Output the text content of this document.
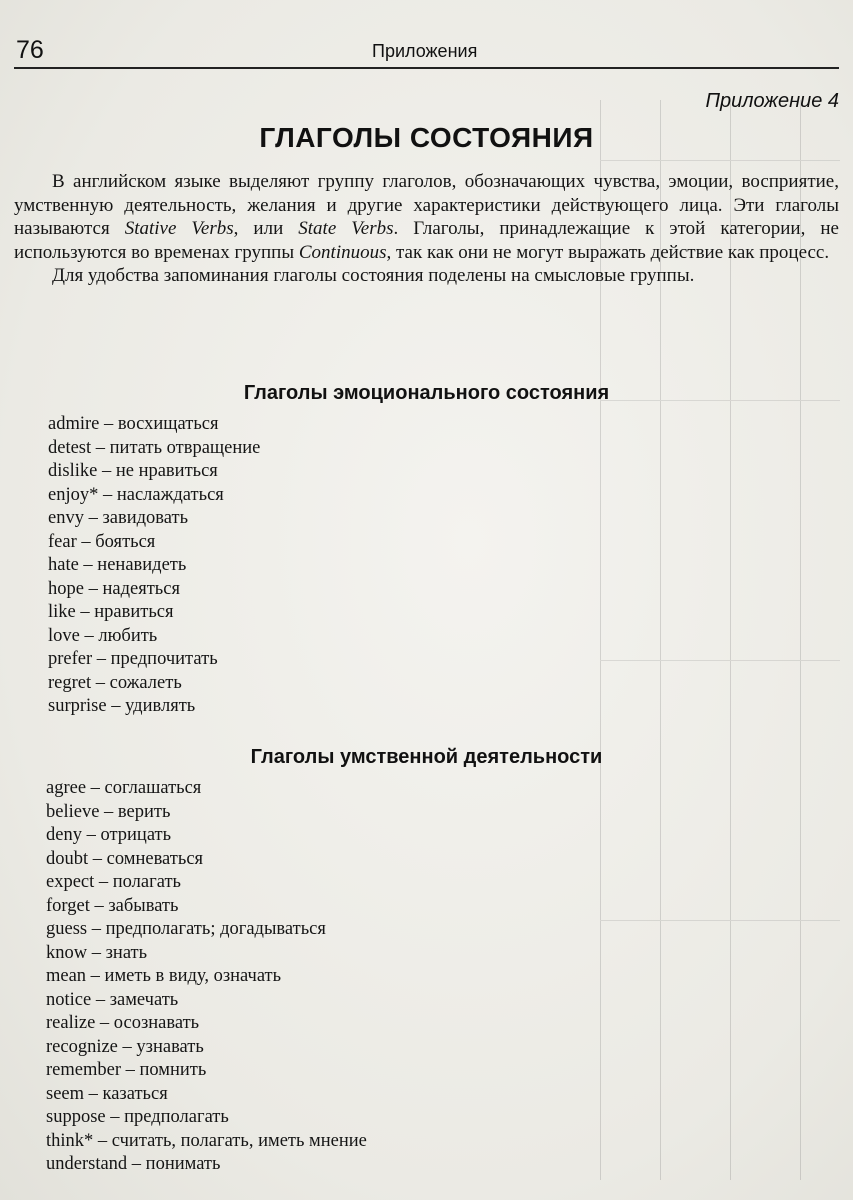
76	Приложения
Приложение 4
ГЛАГОЛЫ СОСТОЯНИЯ

В английском языке выделяют группу глаголов, обозначающих чувства, эмоции, восприятие, умственную деятельность, желания и другие характеристики действующего лица. Эти глаголы называются Stative Verbs, или State Verbs. Глаголы, принадлежащие к этой категории, не используются во временах группы Continuous, так как они не могут выражать действие как процесс.

Для удобства запоминания глаголы состояния поделены на смысловые группы.

Глаголы эмоционального состояния
admire – восхищаться
detest – питать отвращение
dislike – не нравиться
enjoy* – наслаждаться
envy – завидовать
fear – бояться
hate – ненавидеть
hope – надеяться
like – нравиться
love – любить
prefer – предпочитать
regret – сожалеть
surprise – удивлять
Глаголы умственной деятельности
agree – соглашаться
believe – верить
deny – отрицать
doubt – сомневаться
expect – полагать
forget – забывать
guess – предполагать; догадываться
know – знать
mean – иметь в виду, означать
notice – замечать
realize – осознавать
recognize – узнавать
remember – помнить
seem – казаться
suppose – предполагать
think* – считать, полагать, иметь мнение
understand – понимать
